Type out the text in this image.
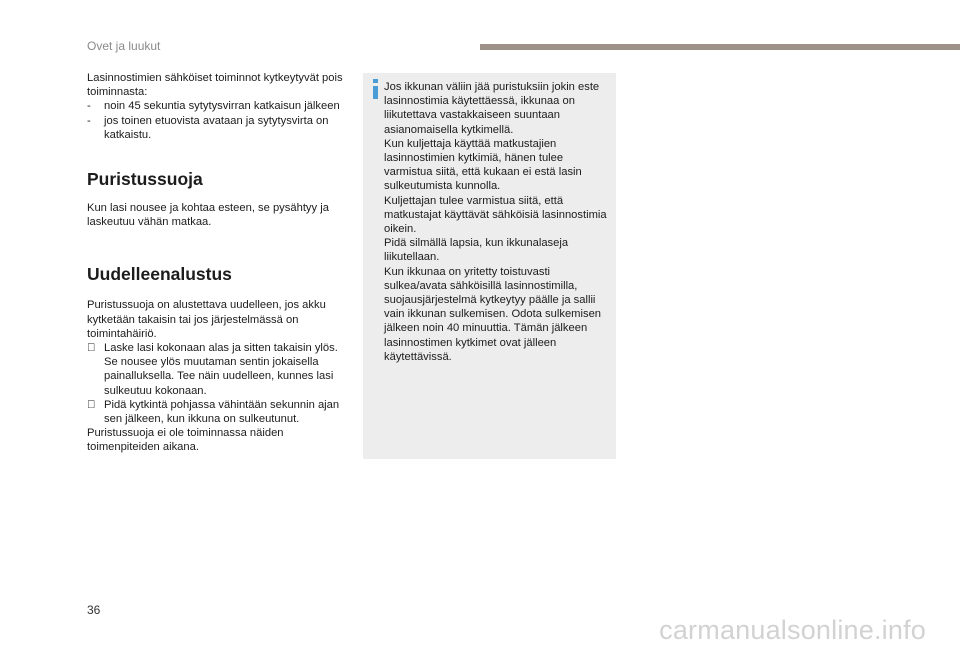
Ovet ja luukut

Lasinnostimien sähköiset toiminnot kytkeytyvät pois toiminnasta:

-	noin 45 sekuntia sytytysvirran katkaisun jälkeen
-	jos toinen etuovista avataan ja sytytysvirta on katkaistu.
Puristussuoja

Kun lasi nousee ja kohtaa esteen, se pysähtyy ja laskeutuu vähän matkaa.

Uudelleenalustus

Puristussuoja on alustettava uudelleen, jos akku kytketään takaisin tai jos järjestelmässä on toimintahäiriö.

Laske lasi kokonaan alas ja sitten takaisin ylös. Se nousee ylös muutaman sentin jokaisella painalluksella. Tee näin uudelleen, kunnes lasi sulkeutuu kokonaan.
Pidä kytkintä pohjassa vähintään sekunnin ajan sen jälkeen, kun ikkuna on sulkeutunut.

Puristussuoja ei ole toiminnassa näiden toimenpiteiden aikana.

Jos ikkunan väliin jää puristuksiin jokin este lasinnostimia käytettäessä, ikkunaa on liikutettava vastakkaiseen suuntaan asianomaisella kytkimellä.

Kun kuljettaja käyttää matkustajien lasinnostimien kytkimiä, hänen tulee varmistua siitä, että kukaan ei estä lasin sulkeutumista kunnolla.

Kuljettajan tulee varmistua siitä, että matkustajat käyttävät sähköisiä lasinnostimia oikein.

Pidä silmällä lapsia, kun ikkunalaseja liikutellaan.

Kun ikkunaa on yritetty toistuvasti sulkea/avata sähköisillä lasinnostimilla, suojausjärjestelmä kytkeytyy päälle ja sallii vain ikkunan sulkemisen. Odota sulkemisen jälkeen noin 40 minuuttia. Tämän jälkeen lasinnostimen kytkimet ovat jälleen käytettävissä.

36
carmanualsonline.info
